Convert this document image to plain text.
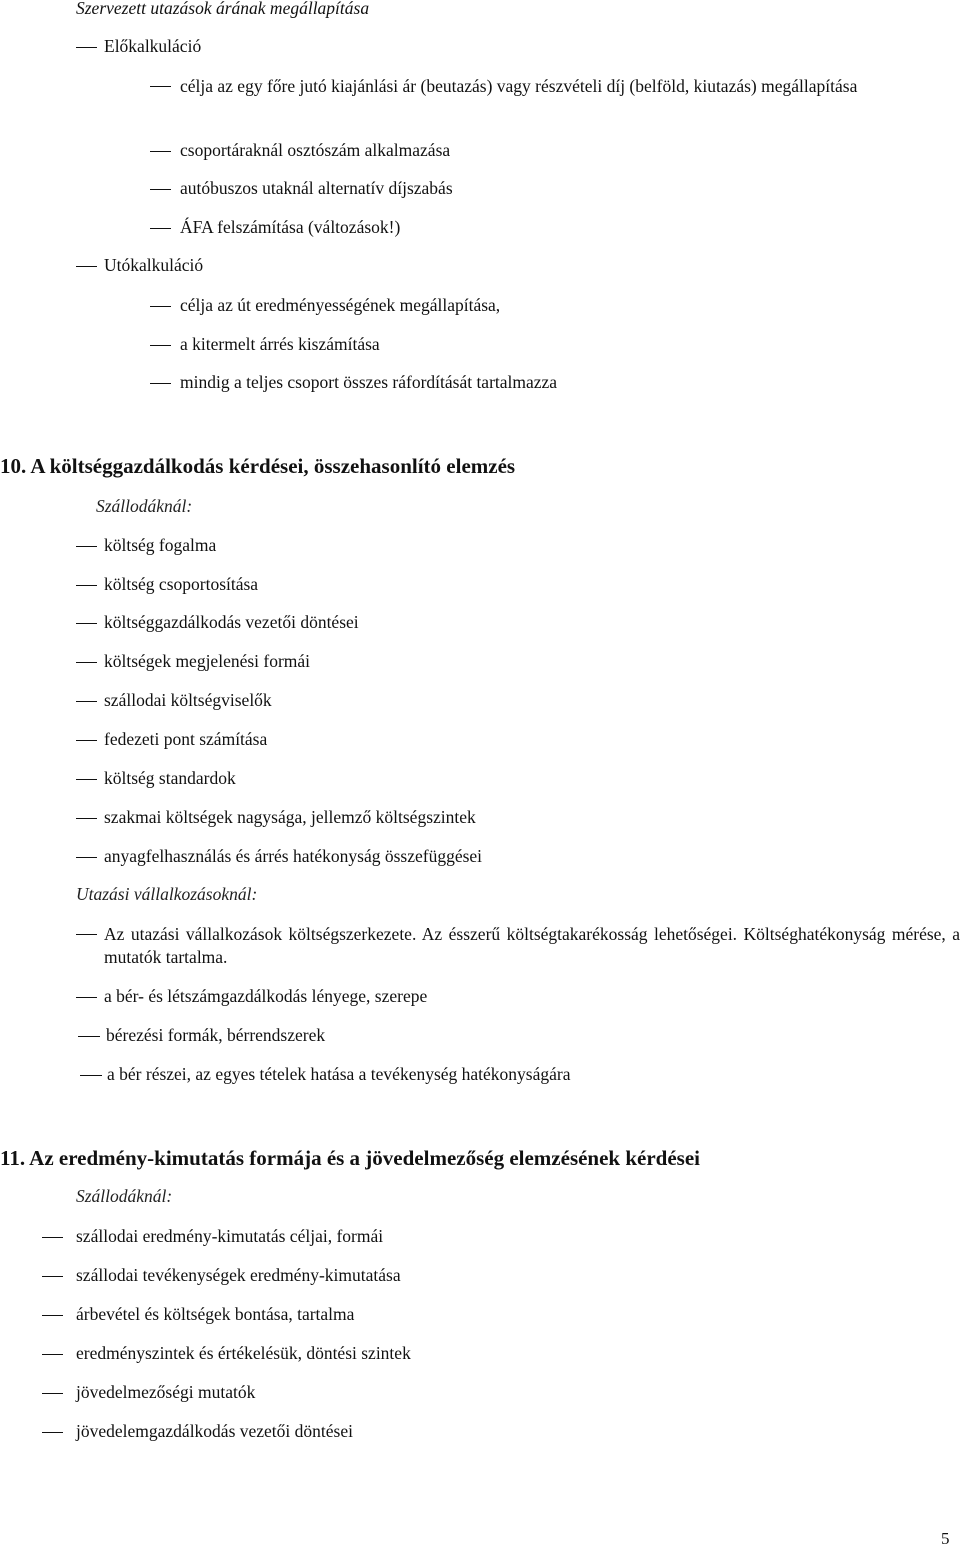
Szervezett utazások árának megállapítása
Előkalkuláció
célja az egy főre jutó kiajánlási ár (beutazás) vagy részvételi díj (belföld, kiutazás) megállapítása
csoportáraknál osztószám alkalmazása
autóbuszos utaknál alternatív díjszabás
ÁFA felszámítása (változások!)
Utókalkuláció
célja az út eredményességének megállapítása,
a kitermelt árrés kiszámítása
mindig a teljes csoport összes ráfordítását tartalmazza
10. A költséggazdálkodás kérdései, összehasonlító elemzés
Szállodáknál:
költség fogalma
költség csoportosítása
költséggazdálkodás vezetői döntései
költségek megjelenési formái
szállodai költségviselők
fedezeti pont számítása
költség standardok
szakmai költségek nagysága, jellemző költségszintek
anyagfelhasználás és árrés hatékonyság összefüggései
Utazási vállalkozásoknál:
Az utazási vállalkozások költségszerkezete. Az ésszerű költségtakarékosság lehetőségei. Költséghatékonyság mérése, a mutatók tartalma.
a bér- és létszámgazdálkodás lényege, szerepe
bérezési formák, bérrendszerek
a bér részei, az egyes tételek hatása a tevékenység hatékonyságára
11. Az eredmény-kimutatás formája és a jövedelmezőség elemzésének kérdései
Szállodáknál:
szállodai eredmény-kimutatás céljai, formái
szállodai tevékenységek eredmény-kimutatása
árbevétel és költségek bontása, tartalma
eredményszintek és értékelésük, döntési szintek
jövedelmezőségi mutatók
jövedelemgazdálkodás vezetői döntései
5
